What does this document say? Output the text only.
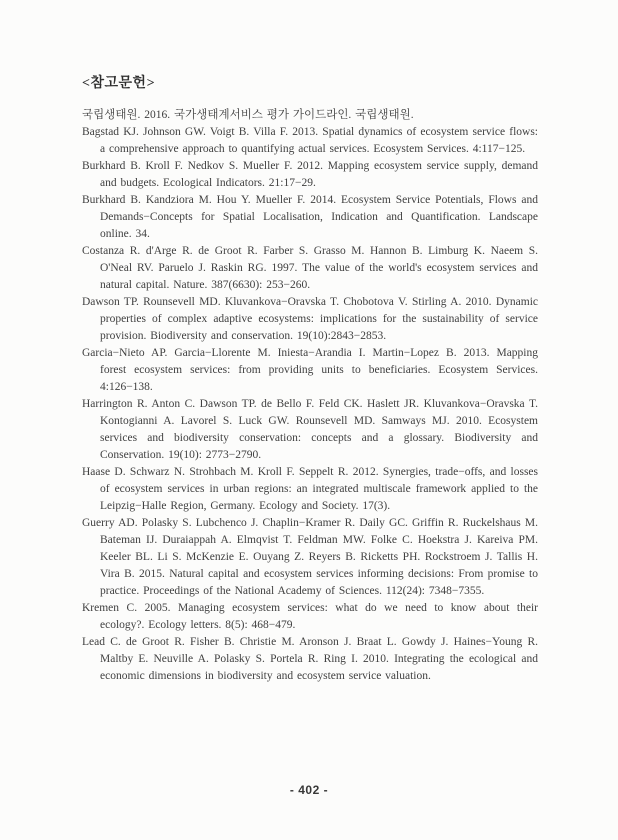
<참고문헌>

국립생태원. 2016. 국가생태계서비스 평가 가이드라인. 국립생태원.

Bagstad KJ. Johnson GW. Voigt B. Villa F. 2013. Spatial dynamics of ecosystem service flows: a comprehensive approach to quantifying actual services. Ecosystem Services. 4:117−125.

Burkhard B. Kroll F. Nedkov S. Mueller F. 2012. Mapping ecosystem service supply, demand and budgets. Ecological Indicators. 21:17−29.

Burkhard B. Kandziora M. Hou Y. Mueller F. 2014. Ecosystem Service Potentials, Flows and Demands−Concepts for Spatial Localisation, Indication and Quantification. Landscape online. 34.

Costanza R. d'Arge R. de Groot R. Farber S. Grasso M. Hannon B. Limburg K. Naeem S. O'Neal RV. Paruelo J. Raskin RG. 1997. The value of the world's ecosystem services and natural capital. Nature. 387(6630): 253−260.

Dawson TP. Rounsevell MD. Kluvankova−Oravska T. Chobotova V. Stirling A. 2010. Dynamic properties of complex adaptive ecosystems: implications for the sustainability of service provision. Biodiversity and conservation. 19(10):2843−2853.

Garcia−Nieto AP. Garcia−Llorente M. Iniesta−Arandia I. Martin−Lopez B. 2013. Mapping forest ecosystem services: from providing units to beneficiaries. Ecosystem Services. 4:126−138.

Harrington R. Anton C. Dawson TP. de Bello F. Feld CK. Haslett JR. Kluvankova−Oravska T. Kontogianni A. Lavorel S. Luck GW. Rounsevell MD. Samways MJ. 2010. Ecosystem services and biodiversity conservation: concepts and a glossary. Biodiversity and Conservation. 19(10): 2773−2790.

Haase D. Schwarz N. Strohbach M. Kroll F. Seppelt R. 2012. Synergies, trade−offs, and losses of ecosystem services in urban regions: an integrated multiscale framework applied to the Leipzig−Halle Region, Germany. Ecology and Society. 17(3).

Guerry AD. Polasky S. Lubchenco J. Chaplin−Kramer R. Daily GC. Griffin R. Ruckelshaus M. Bateman IJ. Duraiappah A. Elmqvist T. Feldman MW. Folke C. Hoekstra J. Kareiva PM. Keeler BL. Li S. McKenzie E. Ouyang Z. Reyers B. Ricketts PH. Rockstroem J. Tallis H. Vira B. 2015. Natural capital and ecosystem services informing decisions: From promise to practice. Proceedings of the National Academy of Sciences. 112(24): 7348−7355.

Kremen C. 2005. Managing ecosystem services: what do we need to know about their ecology?. Ecology letters. 8(5): 468−479.

Lead C. de Groot R. Fisher B. Christie M. Aronson J. Braat L. Gowdy J. Haines−Young R. Maltby E. Neuville A. Polasky S. Portela R. Ring I. 2010. Integrating the ecological and economic dimensions in biodiversity and ecosystem service valuation.

- 402 -
